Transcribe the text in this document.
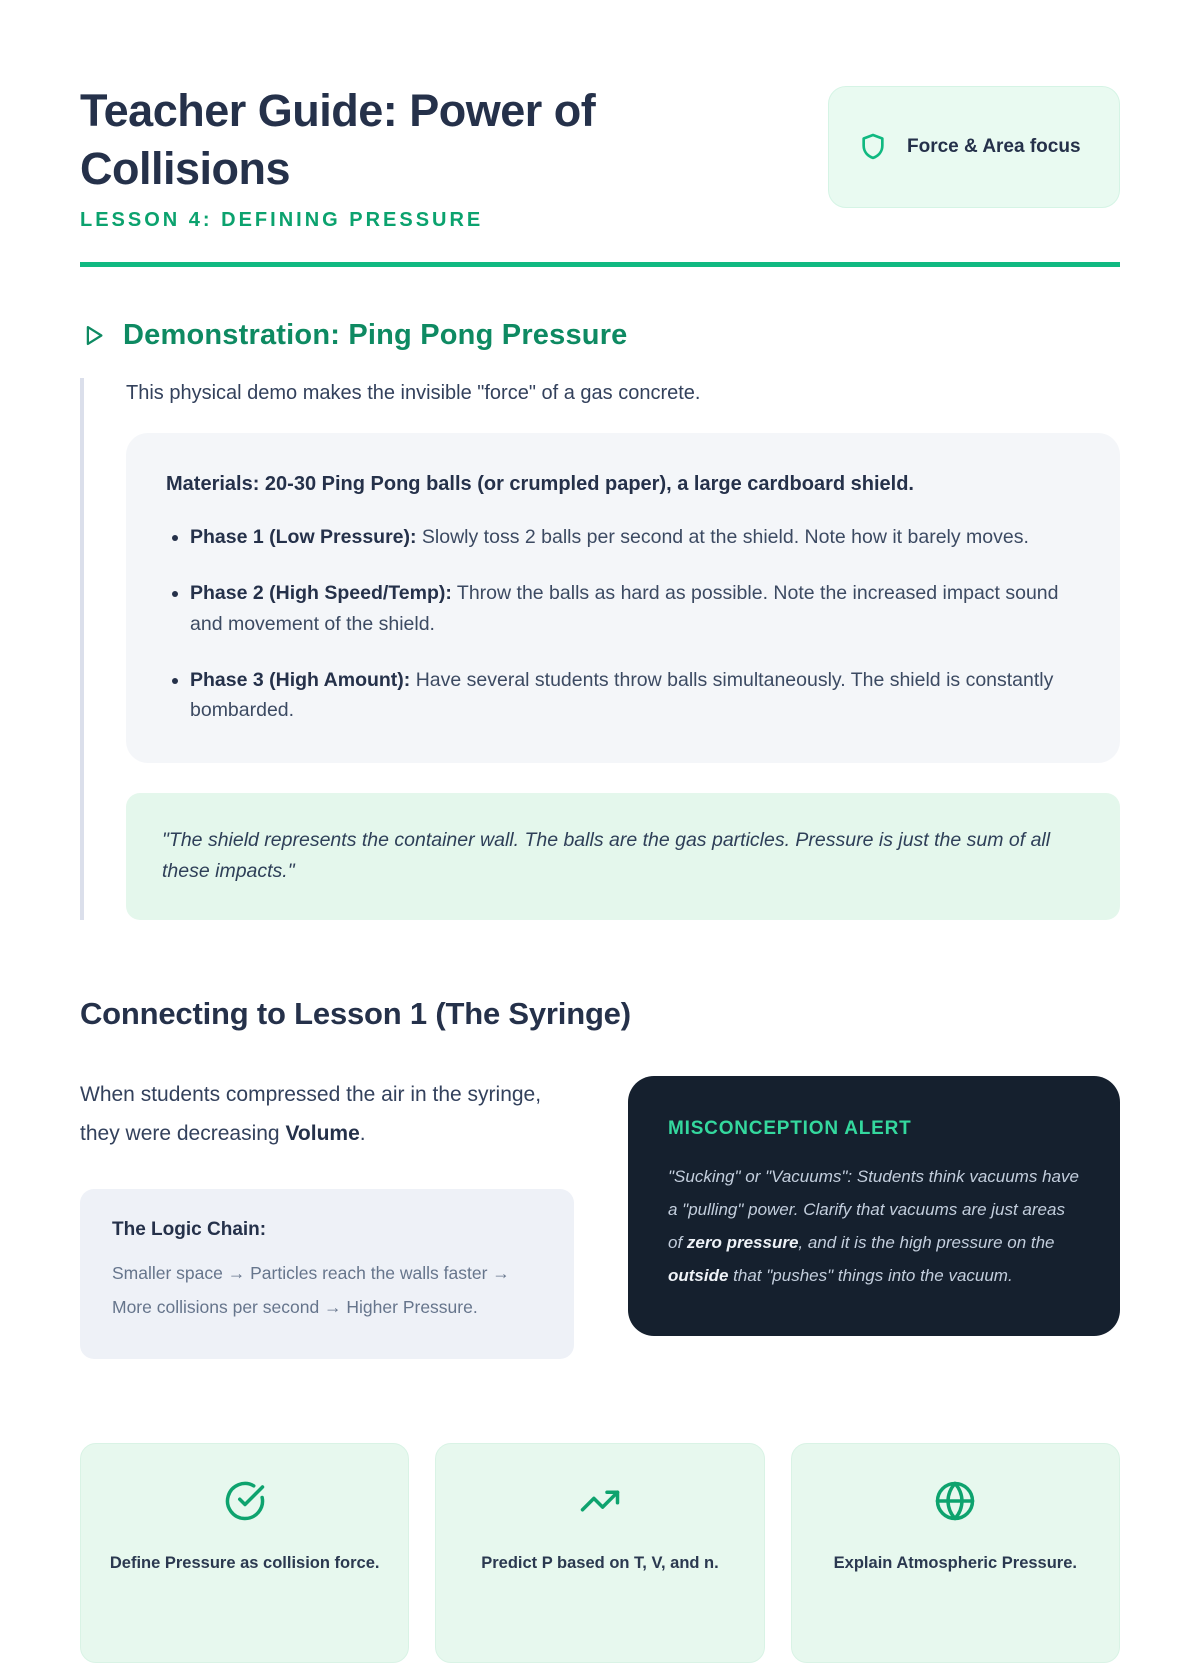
Teacher Guide: Power of Collisions
LESSON 4: DEFINING PRESSURE
Force & Area focus
Demonstration: Ping Pong Pressure

This physical demo makes the invisible "force" of a gas concrete.

Materials: 20-30 Ping Pong balls (or crumpled paper), a large cardboard shield.
• Phase 1 (Low Pressure): Slowly toss 2 balls per second at the shield. Note how it barely moves.
• Phase 2 (High Speed/Temp): Throw the balls as hard as possible. Note the increased impact sound and movement of the shield.
• Phase 3 (High Amount): Have several students throw balls simultaneously. The shield is constantly bombarded.
"The shield represents the container wall. The balls are the gas particles. Pressure is just the sum of all these impacts."
Connecting to Lesson 1 (The Syringe)

When students compressed the air in the syringe, they were decreasing Volume.

The Logic Chain:
Smaller space → Particles reach the walls faster → More collisions per second → Higher Pressure.
MISCONCEPTION ALERT

"Sucking" or "Vacuums": Students think vacuums have a "pulling" power. Clarify that vacuums are just areas of zero pressure, and it is the high pressure on the outside that "pushes" things into the vacuum.

Define Pressure as collision force.	Predict P based on T, V, and n.	Explain Atmospheric Pressure.
